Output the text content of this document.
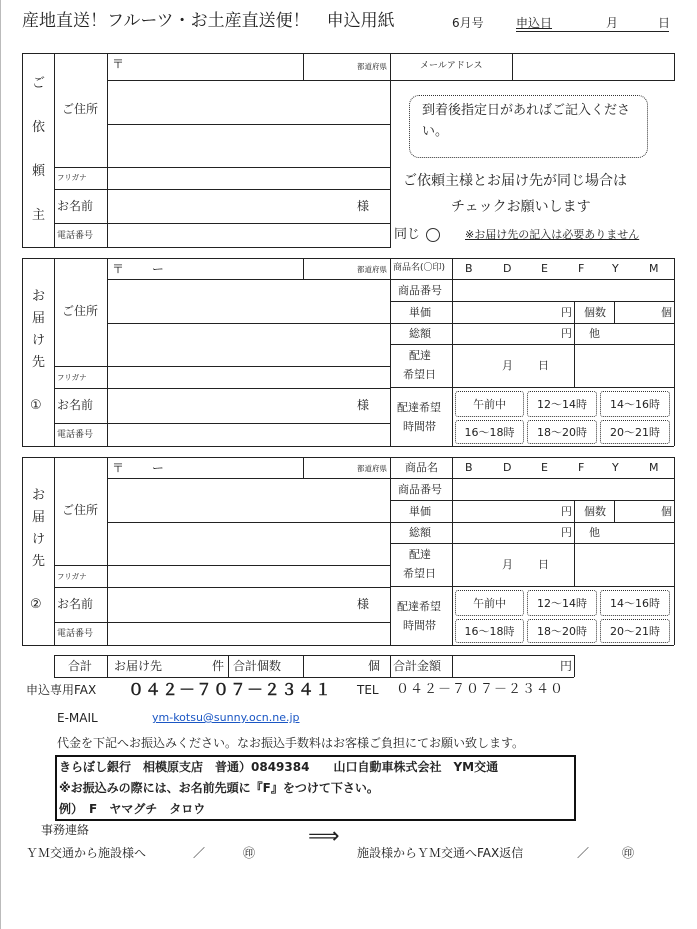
産地直送！フルーツ・お土産直送便！　申込用紙	6月号	申込日	月	日
ご
依
頼
主
〒	都道府県	メールアドレス
ご住所
フリガナ
お名前	様
電話番号
到着後指定日があればご記入ください。
ご依頼主様とお届け先が同じ場合は
チェックお願いします
同じ	※お届け先の記入は必要ありません
お
届
け
先
①
〒　　 ー	都道府県
ご住所
フリガナ
お名前	様
電話番号
商品名(〇印) B	D	E	F	Y	M
商品番号
単価	円 個数	個
総額	円 他
配達
希望日
月 日
配達希望
時間帯
午前中	12〜14時	14〜16時
16〜18時	18〜20時	20〜21時
お
届
け
先
②
〒　　 ー	都道府県
ご住所
フリガナ
お名前	様
電話番号
商品名 B	D	E	F	Y	M
商品番号
単価	円 個数	個
総額	円 他
配達
希望日
月 日
配達希望
時間帯
午前中	12〜14時	14〜16時
16〜18時	18〜20時	20〜21時
合計 お届け先	件 合計個数	個 合計金額	円
申込専用FAX ０４２－７０７－２３４１ TEL ０４２－７０７－２３４０
E-MAIL	ym-kotsu@sunny.ocn.ne.jp
代金を下記へお振込みください。なお振込手数料はお客様ご負担にてお願い致します。
きらぼし銀行　相模原支店　普通）0849384　　山口自動車株式会社　YM交通
※お振込みの際には、お名前先頭に『F』をつけて下さい。
例）　F　ヤマグチ　タロウ
事務連絡	⟹
ＹＭ交通から施設様へ	／	㊞	施設様からＹＭ交通へFAX返信	／	㊞
